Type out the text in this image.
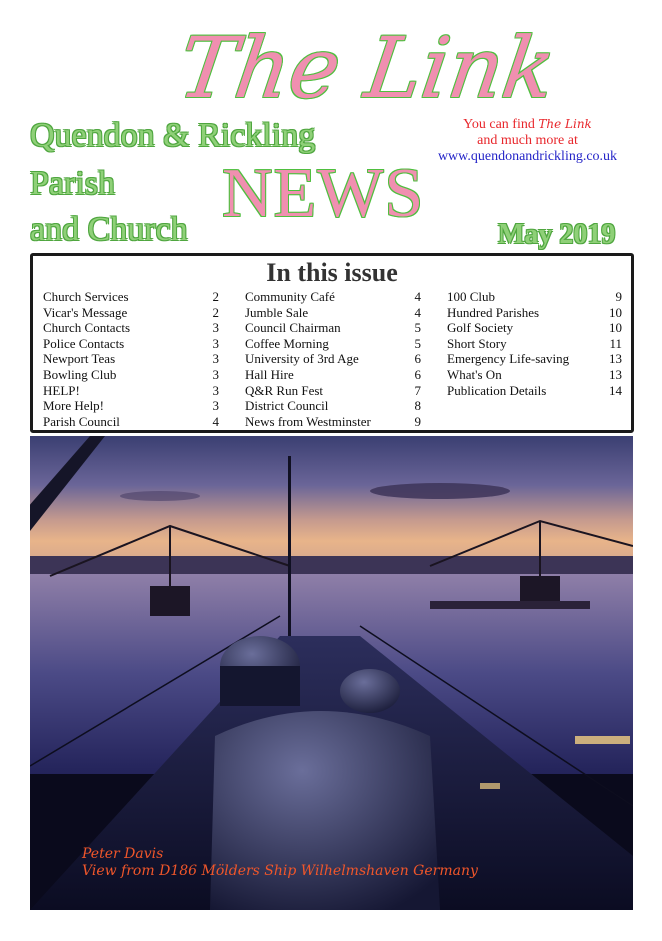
The Link
Quendon & Rickling
Parish
and Church NEWS
May 2019
You can find The Link
and much more at
www.quendonandrickling.co.uk
In this issue
Church Services	2
Vicar's Message	2
Church Contacts	3
Police Contacts	3
Newport Teas	3
Bowling Club	3
HELP!	3
More Help!	3
Parish Council	4
Community Café	4
Jumble Sale	4
Council Chairman	5
Coffee Morning	5
University of 3rd Age	6
Hall Hire	6
Q&R Run Fest	7
District Council	8
News from Westminster	9
100 Club	9
Hundred Parishes	10
Golf Society	10
Short Story	11
Emergency Life-saving	13
What's On	13
Publication Details	14
Peter Davis
View from D186 Mölders Ship Wilhelmshaven Germany
